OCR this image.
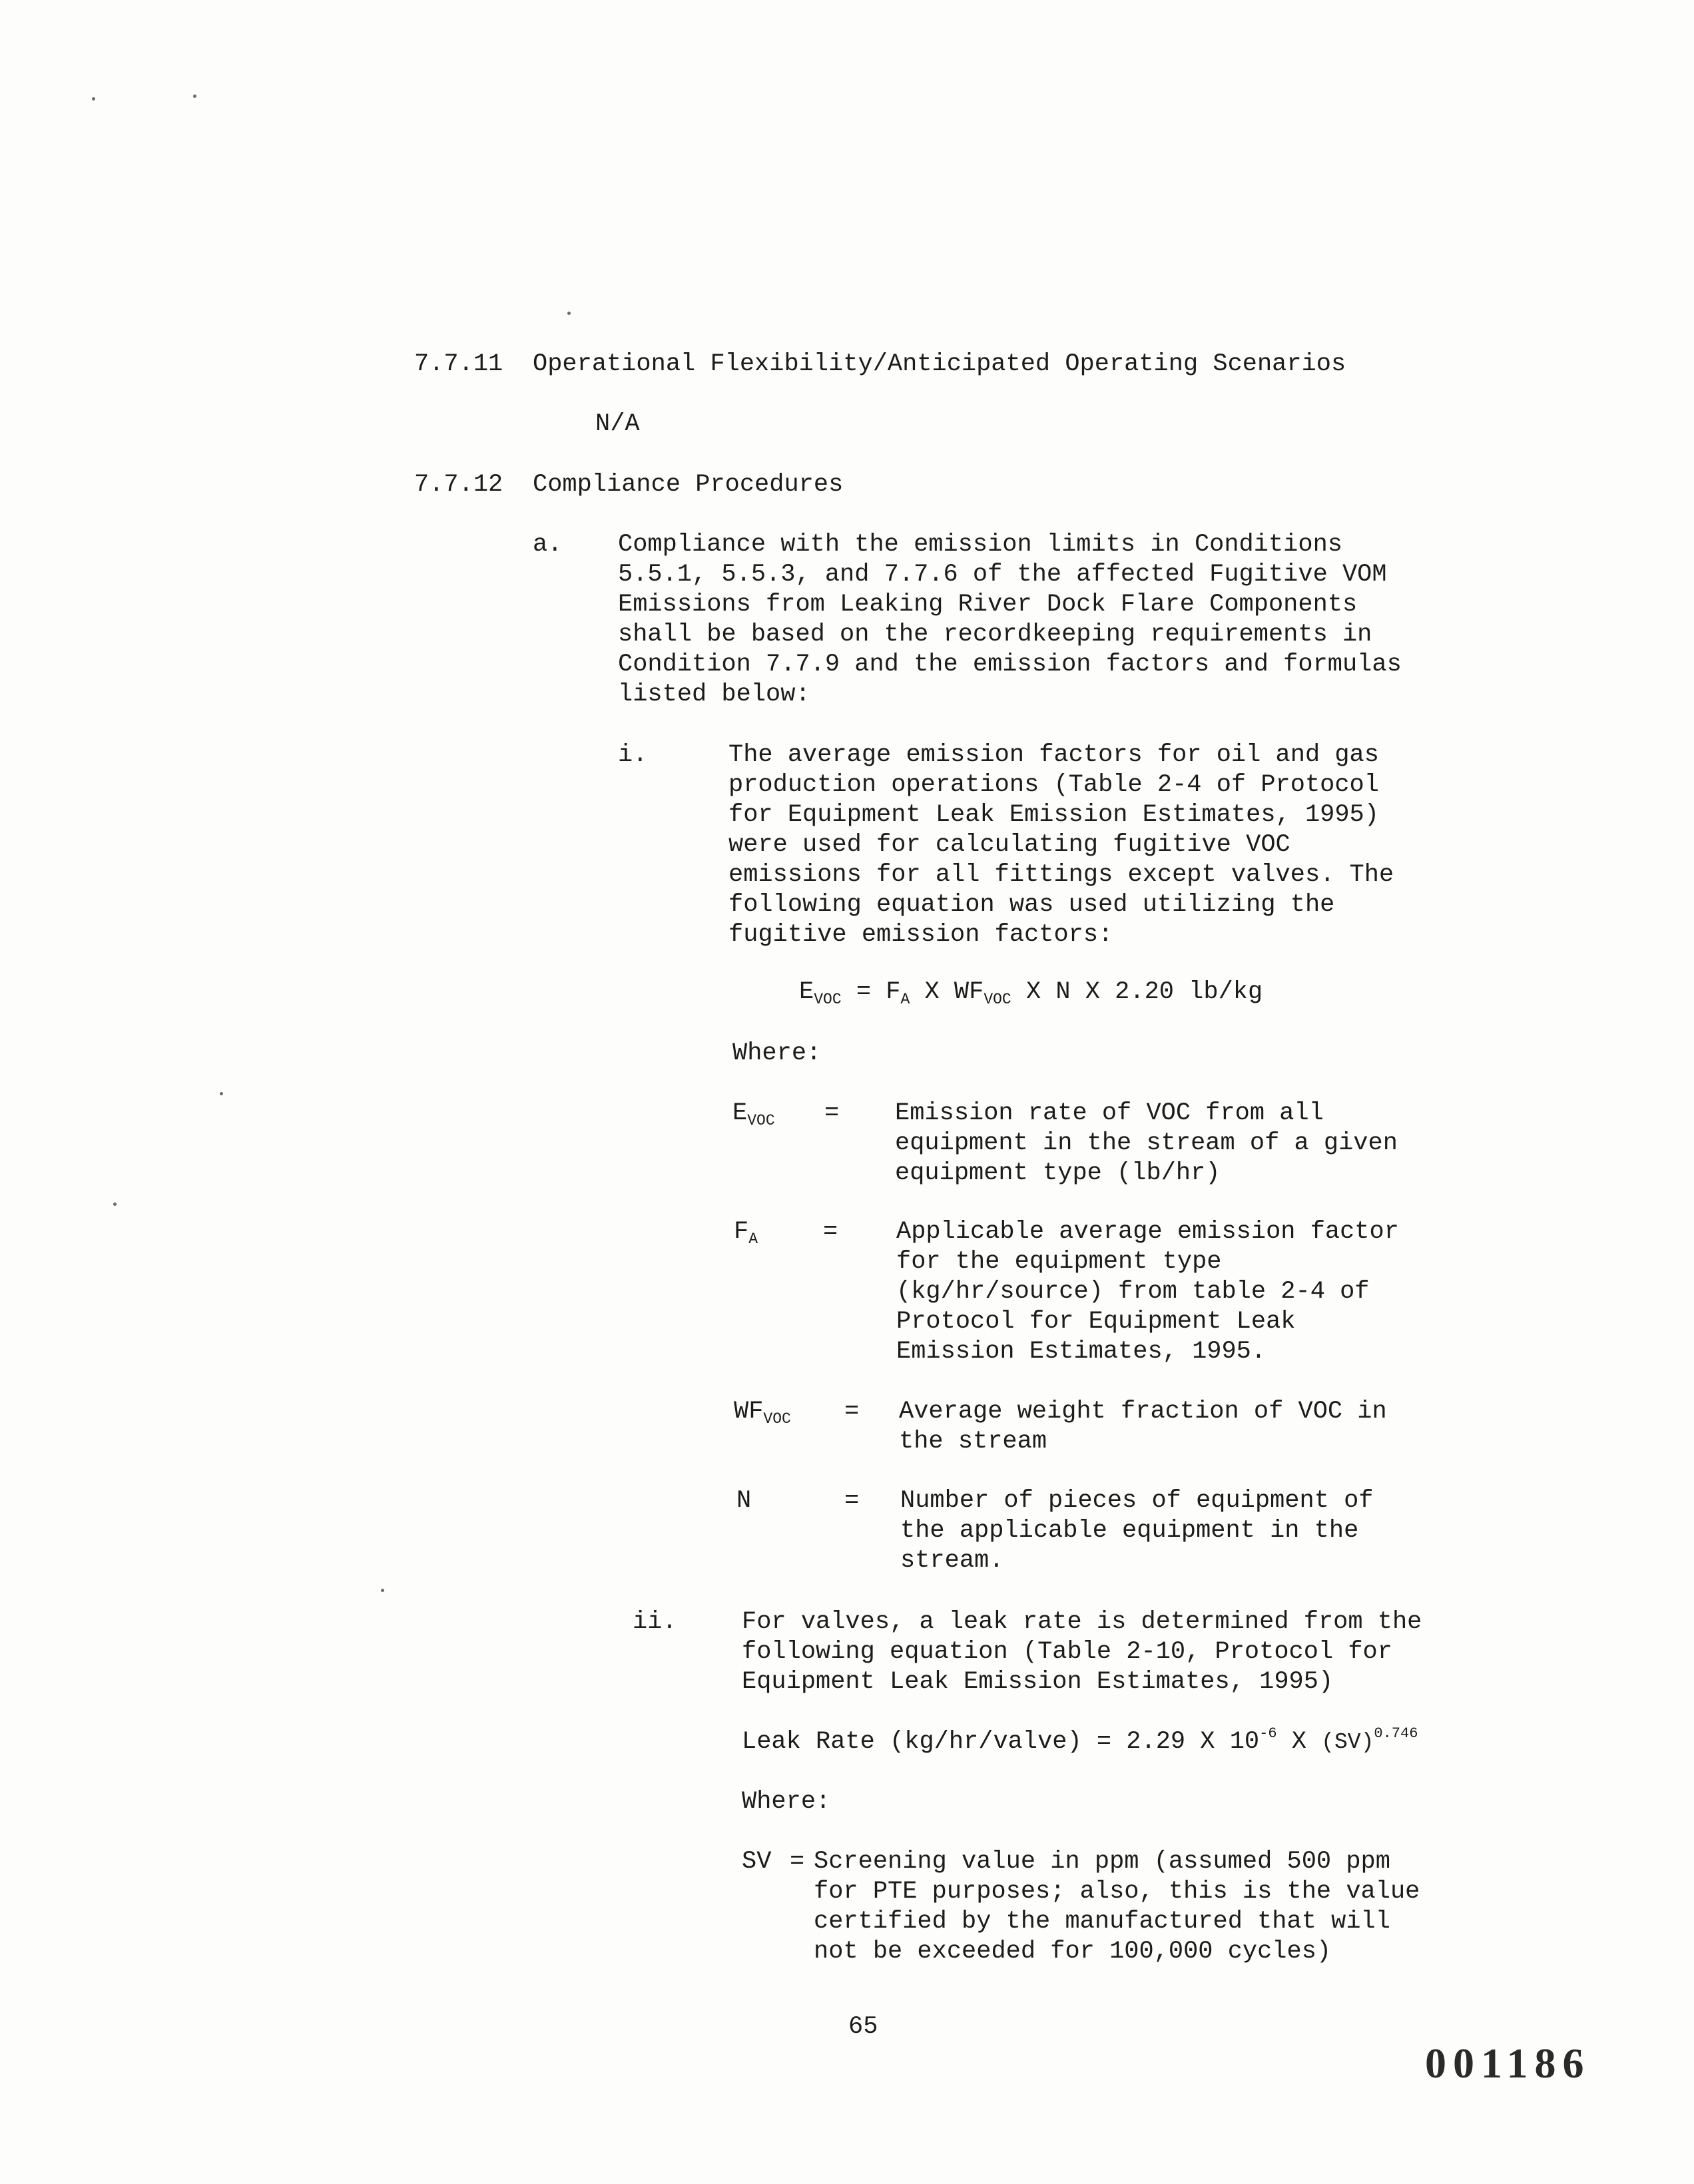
7.7.11 Operational Flexibility/Anticipated Operating Scenarios
N/A
7.7.12 Compliance Procedures
a. Compliance with the emission limits in Conditions
5.5.1, 5.5.3, and 7.7.6 of the affected Fugitive VOM
Emissions from Leaking River Dock Flare Components
shall be based on the recordkeeping requirements in
Condition 7.7.9 and the emission factors and formulas
listed below:
i.	The average emission factors for oil and gas
production operations (Table 2-4 of Protocol
for Equipment Leak Emission Estimates, 1995)
were used for calculating fugitive VOC
emissions for all fittings except valves. The
following equation was used utilizing the
fugitive emission factors:
$E_{VOC} = F_A$ X $WF_{VOC}$ X N X 2.20 lb/kg
Where:
$E_{VOC}$ = Emission rate of VOC from all
equipment in the stream of a given
equipment type (lb/hr)
$F_A$	= Applicable average emission factor
for the equipment type
(kg/hr/source) from table 2-4 of
Protocol for Equipment Leak
Emission Estimates, 1995.
$WF_{VOC}$ = Average weight fraction of VOC in
the stream
N	= Number of pieces of equipment of
the applicable equipment in the
stream.
ii.	For valves, a leak rate is determined from the
following equation (Table 2-10, Protocol for
Equipment Leak Emission Estimates, 1995)
Leak Rate (kg/hr/valve) = 2.29 X $10^{-6}$ X (SV)$^{0.746}$
Where:
SV = Screening value in ppm (assumed 500 ppm
for PTE purposes; also, this is the value
certified by the manufactured that will
not be exceeded for 100,000 cycles)
65
001186
